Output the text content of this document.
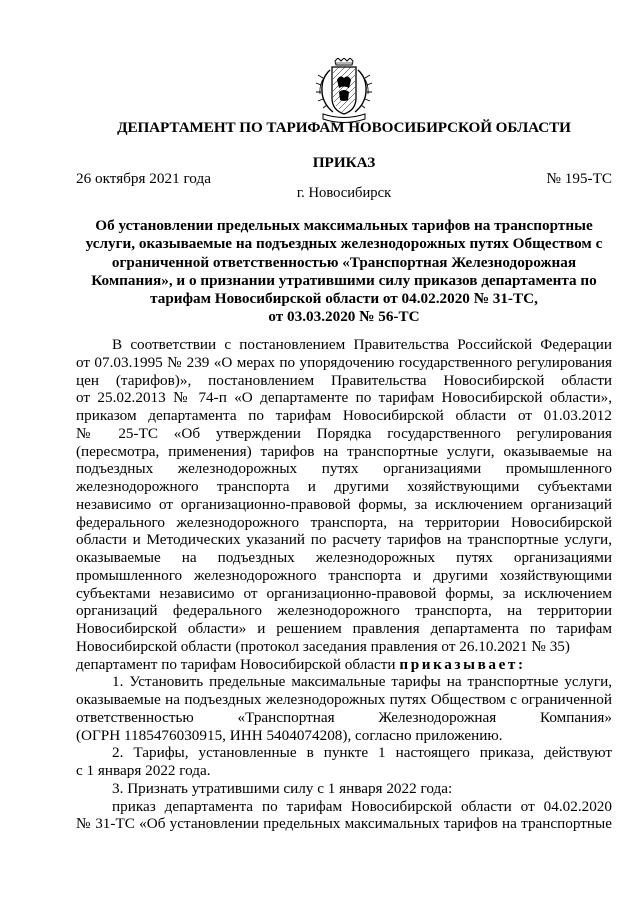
ДЕПАРТАМЕНТ ПО ТАРИФАМ НОВОСИБИРСКОЙ ОБЛАСТИ
ПРИКАЗ
26 октября 2021 года	№ 195-ТС
г. Новосибирск
Об установлении предельных максимальных тарифов на транспортные
услуги, оказываемые на подъездных железнодорожных путях Обществом с
ограниченной ответственностью «Транспортная Железнодорожная
Компания», и о признании утратившими силу приказов департамента по
тарифам Новосибирской области от 04.02.2020 № 31-ТС,
от 03.03.2020 № 56-ТС
В соответствии с постановлением Правительства Российской Федерации
от 07.03.1995 № 239 «О мерах по упорядочению государственного регулирования
цен (тарифов)», постановлением Правительства Новосибирской области
от 25.02.2013 № 74-п «О департаменте по тарифам Новосибирской области»,
приказом департамента по тарифам Новосибирской области от 01.03.2012
№ 25-ТС «Об утверждении Порядка государственного регулирования
(пересмотра, применения) тарифов на транспортные услуги, оказываемые на
подъездных железнодорожных путях организациями промышленного
железнодорожного транспорта и другими хозяйствующими субъектами
независимо от организационно-правовой формы, за исключением организаций
федерального железнодорожного транспорта, на территории Новосибирской
области и Методических указаний по расчету тарифов на транспортные услуги,
оказываемые на подъездных железнодорожных путях организациями
промышленного железнодорожного транспорта и другими хозяйствующими
субъектами независимо от организационно-правовой формы, за исключением
организаций федерального железнодорожного транспорта, на территории
Новосибирской области» и решением правления департамента по тарифам
Новосибирской области (протокол заседания правления от 26.10.2021 № 35)
департамент по тарифам Новосибирской области приказывает:
1. Установить предельные максимальные тарифы на транспортные услуги,
оказываемые на подъездных железнодорожных путях Обществом с ограниченной
ответственностью «Транспортная Железнодорожная Компания»
(ОГРН 1185476030915, ИНН 5404074208), согласно приложению.
2. Тарифы, установленные в пункте 1 настоящего приказа, действуют
с 1 января 2022 года.
3. Признать утратившими силу с 1 января 2022 года:
приказ департамента по тарифам Новосибирской области от 04.02.2020
№ 31-ТС «Об установлении предельных максимальных тарифов на транспортные
